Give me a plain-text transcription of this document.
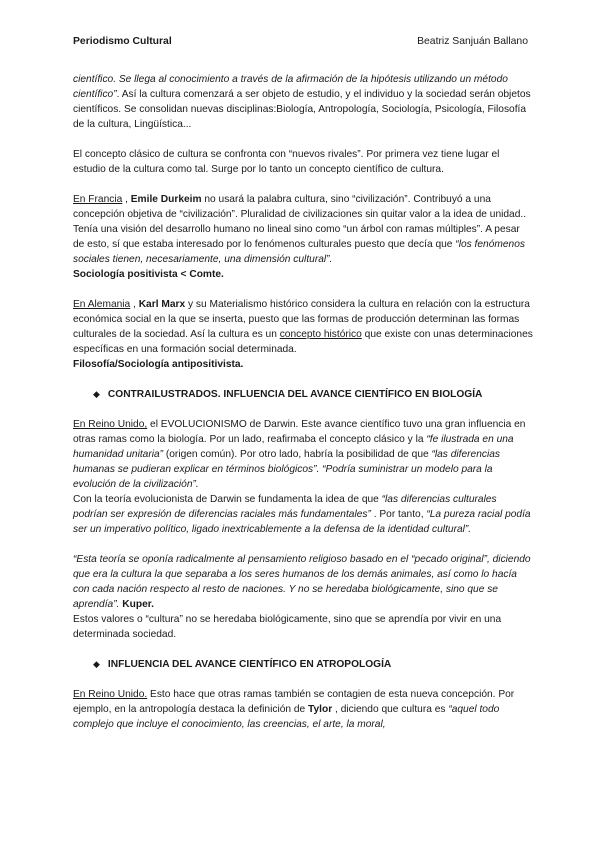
Periodismo Cultural	Beatriz Sanjuán Ballano

científico. Se llega al conocimiento a través de la afirmación de la hipótesis utilizando un método científico”. Así la cultura comenzará a ser objeto de estudio, y el individuo y la sociedad serán objetos científicos. Se consolidan nuevas disciplinas:Biología, Antropología, Sociología, Psicología, Filosofía de la cultura, Lingüística...

El concepto clásico de cultura se confronta con “nuevos rivales”. Por primera vez tiene lugar el estudio de la cultura como tal. Surge por lo tanto un concepto científico de cultura.

En Francia , Emile Durkeim no usará la palabra cultura, sino “civilización”. Contribuyó a una concepción objetiva de “civilización”. Pluralidad de civilizaciones sin quitar valor a la idea de unidad.. Tenía una visión del desarrollo humano no lineal sino como “un árbol con ramas múltiples”. A pesar de esto, sí que estaba interesado por lo fenómenos culturales puesto que decía que “los fenómenos sociales tienen, necesariamente, una dimensión cultural”.
Sociología positivista < Comte.

En Alemania , Karl Marx y su Materialismo histórico considera la cultura en relación con la estructura económica social en la que se inserta, puesto que las formas de producción determinan las formas culturales de la sociedad. Así la cultura es un concepto histórico que existe con unas determinaciones específicas en una formación social determinada.
Filosofía/Sociología antipositivista.

◆ CONTRAILUSTRADOS. INFLUENCIA DEL AVANCE CIENTÍFICO EN BIOLOGÍA

En Reino Unido, el EVOLUCIONISMO de Darwin. Este avance científico tuvo una gran influencia en otras ramas como la biología. Por un lado, reafirmaba el concepto clásico y la “fe ilustrada en una humanidad unitaria” (origen común). Por otro lado, habría la posibilidad de que “las diferencias humanas se pudieran explicar en términos biológicos”. “Podría suministrar un modelo para la evolución de la civilización”.
Con la teoría evolucionista de Darwin se fundamenta la idea de que “las diferencias culturales podrían ser expresión de diferencias raciales más fundamentales” . Por tanto, “La pureza racial podía ser un imperativo político, ligado inextricablemente a la defensa de la identidad cultural”.

“Esta teoría se oponía radicalmente al pensamiento religioso basado en el “pecado original”, diciendo que era la cultura la que separaba a los seres humanos de los demás animales, así como lo hacía con cada nación respecto al resto de naciones. Y no se heredaba biológicamente, sino que se aprendía”. Kuper.
Estos valores o “cultura” no se heredaba biológicamente, sino que se aprendía por vivir en una determinada sociedad.

◆ INFLUENCIA DEL AVANCE CIENTÍFICO EN ATROPOLOGÍA

En Reino Unido. Esto hace que otras ramas también se contagien de esta nueva concepción. Por ejemplo, en la antropología destaca la definición de Tylor , diciendo que cultura es “aquel todo complejo que incluye el conocimiento, las creencias, el arte, la moral,
